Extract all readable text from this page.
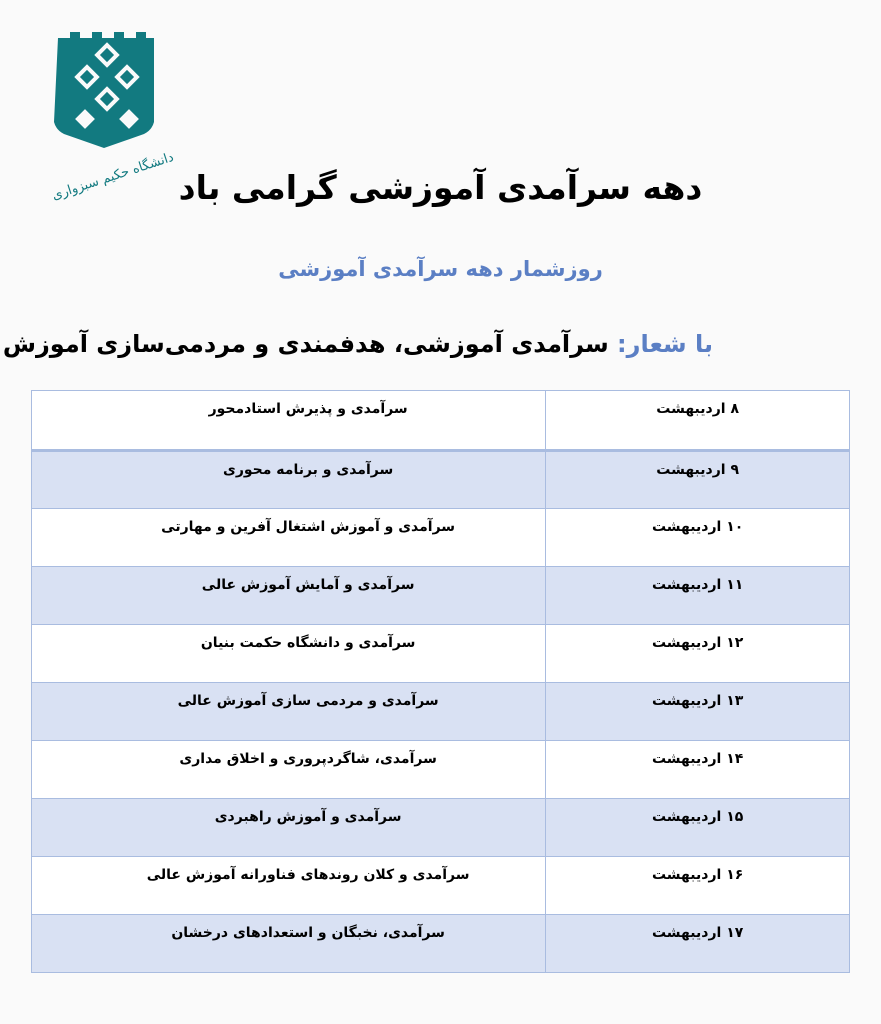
دانشگاه حکیم سبزواری دهه سرآمدی آموزشی گرامی باد
روزشمار دهه سرآمدی آموزشی
با شعار: سرآمدی آموزشی، هدفمندی و مردمی‌سازی آموزش
۸ اردیبهشت	سرآمدی و پذیرش استادمحور
۹ اردیبهشت	سرآمدی و برنامه محوری
۱۰ اردیبهشت	سرآمدی و آموزش اشتغال آفرین و مهارتی
۱۱ اردیبهشت	سرآمدی و آمایش آموزش عالی
۱۲ اردیبهشت	سرآمدی و دانشگاه حکمت بنیان
۱۳ اردیبهشت	سرآمدی و مردمی سازی آموزش عالی
۱۴ اردیبهشت	سرآمدی، شاگردپروری و اخلاق مداری
۱۵ اردیبهشت	سرآمدی و آموزش راهبردی
۱۶ اردیبهشت	سرآمدی و کلان روندهای فناورانه آموزش عالی
۱۷ اردیبهشت	سرآمدی، نخبگان و استعدادهای درخشان
